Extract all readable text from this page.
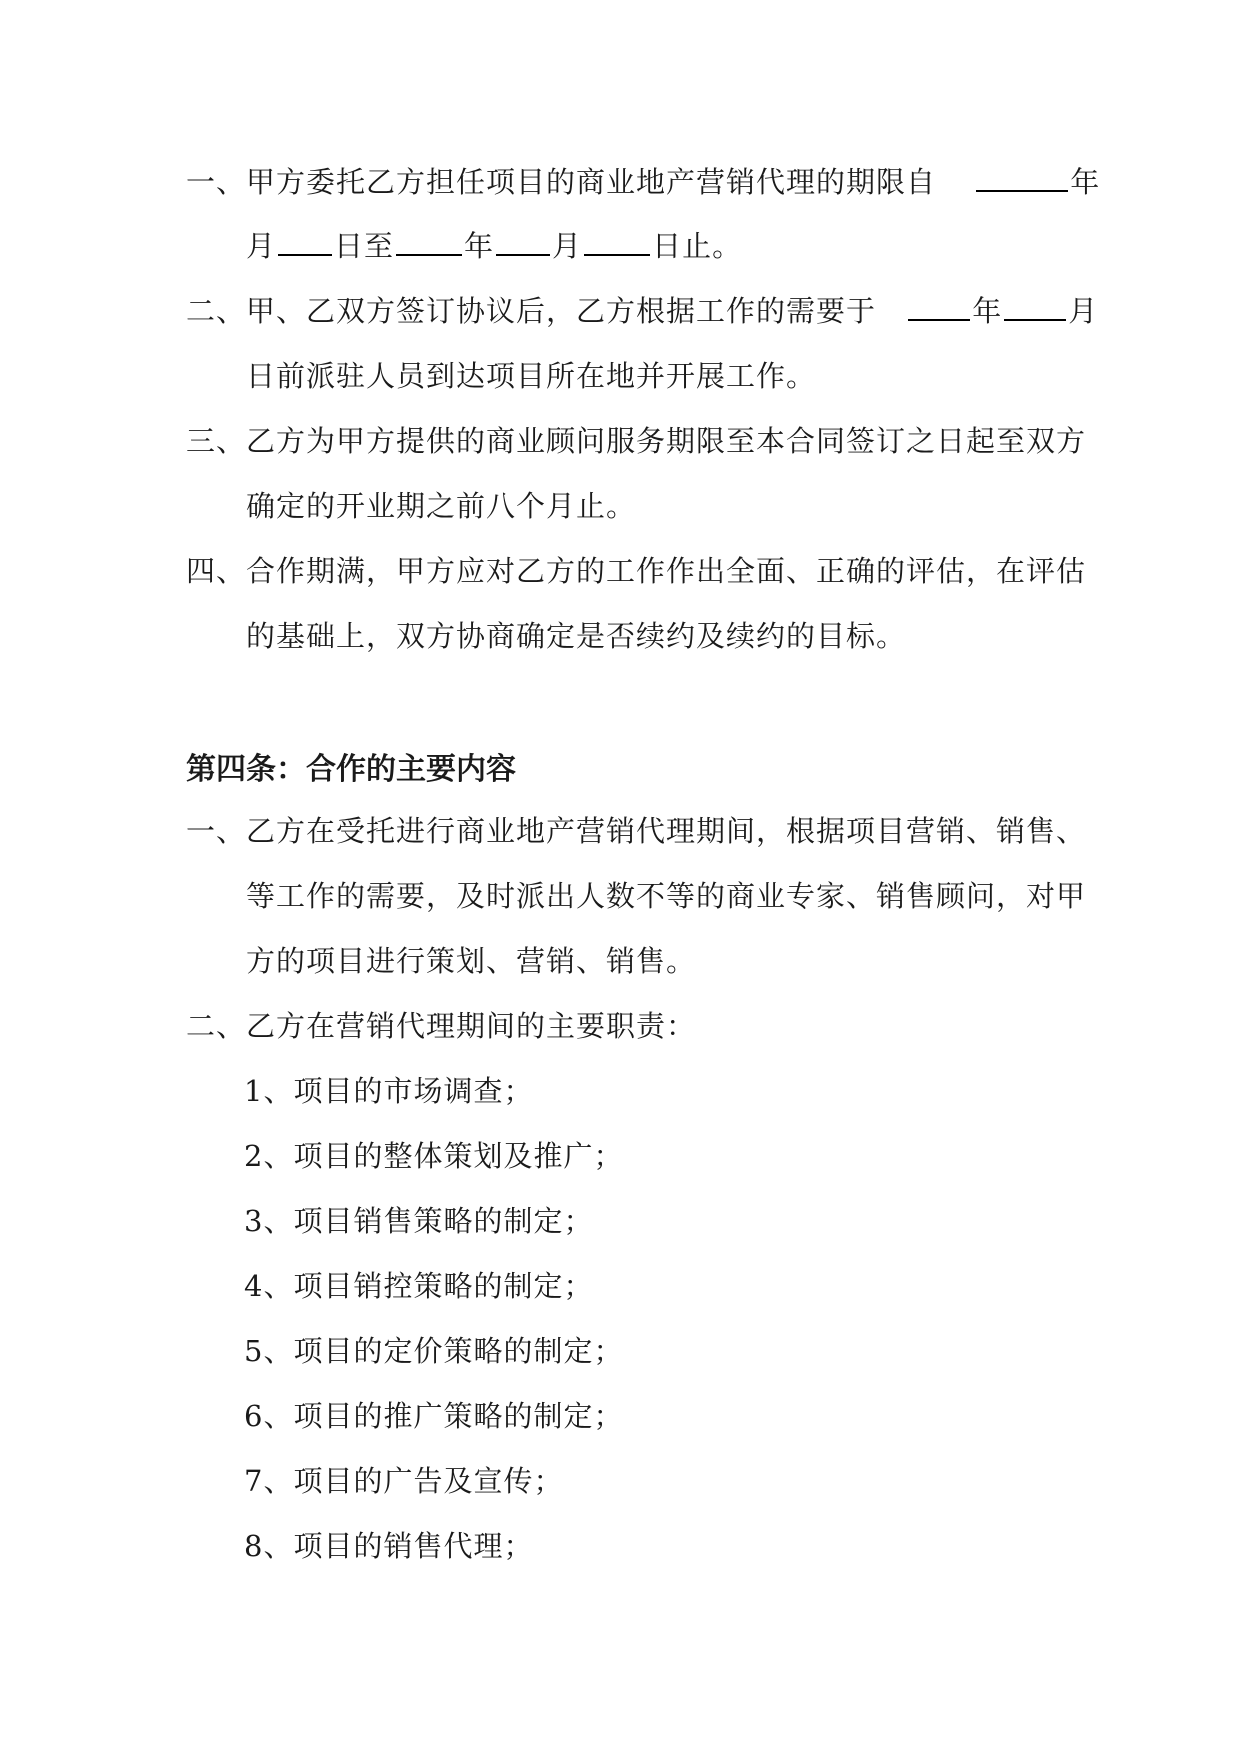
一、甲方委托乙方担任项目的商业地产营销代理的期限自	年
月 日至 年 月 日止。
二、甲、乙双方签订协议后，乙方根据工作的需要于	年 月
日前派驻人员到达项目所在地并开展工作。
三、乙方为甲方提供的商业顾问服务期限至本合同签订之日起至双方
确定的开业期之前八个月止。
四、合作期满，甲方应对乙方的工作作出全面、正确的评估，在评估
的基础上，双方协商确定是否续约及续约的目标。
第四条：合作的主要内容
一、乙方在受托进行商业地产营销代理期间，根据项目营销、销售、
等工作的需要，及时派出人数不等的商业专家、销售顾问，对甲
方的项目进行策划、营销、销售。
二、乙方在营销代理期间的主要职责：
1、项目的市场调查；
2、项目的整体策划及推广；
3、项目销售策略的制定；
4、项目销控策略的制定；
5、项目的定价策略的制定；
6、项目的推广策略的制定；
7、项目的广告及宣传；
8、项目的销售代理；
